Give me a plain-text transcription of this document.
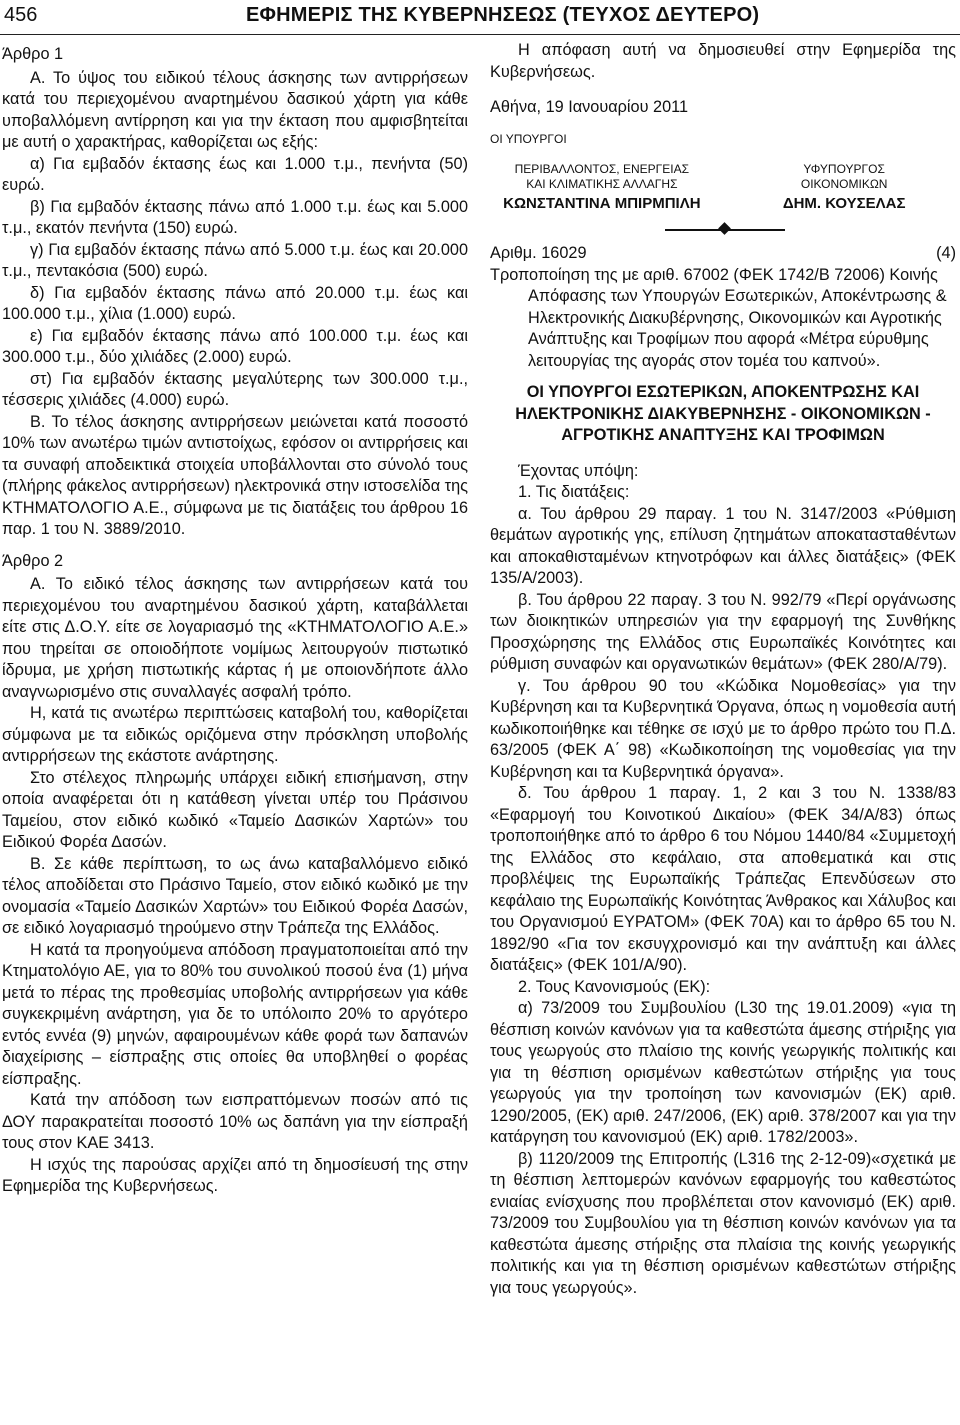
456	ΕΦΗΜΕΡΙΣ ΤΗΣ ΚΥΒΕΡΝΗΣΕΩΣ (ΤΕΥΧΟΣ ΔΕΥΤΕΡΟ)

Άρθρο 1

Α. Το ύψος του ειδικού τέλους άσκησης των αντιρρήσεων κατά του περιεχομένου αναρτημένου δασικού χάρτη για κάθε υποβαλλόμενη αντίρρηση και για την έκταση που αμφισβητείται με αυτή ο χαρακτήρας, καθορίζεται ως εξής:

α) Για εμβαδόν έκτασης έως και 1.000 τ.μ., πενήντα (50) ευρώ.

β) Για εμβαδόν έκτασης πάνω από 1.000 τ.μ. έως και 5.000 τ.μ., εκατόν πενήντα (150) ευρώ.

γ) Για εμβαδόν έκτασης πάνω από 5.000 τ.μ. έως και 20.000 τ.μ., πεντακόσια (500) ευρώ.

δ) Για εμβαδόν έκτασης πάνω από 20.000 τ.μ. έως και 100.000 τ.μ., χίλια (1.000) ευρώ.

ε) Για εμβαδόν έκτασης πάνω από 100.000 τ.μ. έως και 300.000 τ.μ., δύο χιλιάδες (2.000) ευρώ.

στ) Για εμβαδόν έκτασης μεγαλύτερης των 300.000 τ.μ., τέσσερις χιλιάδες (4.000) ευρώ.

Β. Το τέλος άσκησης αντιρρήσεων μειώνεται κατά ποσοστό 10% των ανωτέρω τιμών αντιστοίχως, εφόσον οι αντιρρήσεις και τα συναφή αποδεικτικά στοιχεία υποβάλλονται στο σύνολό τους (πλήρης φάκελος αντιρρήσεων) ηλεκτρονικά στην ιστοσελίδα της ΚΤΗΜΑΤΟΛΟΓΙΟ Α.Ε., σύμφωνα με τις διατάξεις του άρθρου 16 παρ. 1 του Ν. 3889/2010.

Άρθρο 2

Α. Το ειδικό τέλος άσκησης των αντιρρήσεων κατά του περιεχομένου του αναρτημένου δασικού χάρτη, καταβάλλεται είτε στις Δ.Ο.Υ. είτε σε λογαριασμό της «ΚΤΗΜΑΤΟΛΟΓΙΟ Α.Ε.» που τηρείται σε οποιοδήποτε νομίμως λειτουργούν πιστωτικό ίδρυμα, με χρήση πιστωτικής κάρτας ή με οποιονδήποτε άλλο αναγνωρισμένο στις συναλλαγές ασφαλή τρόπο.

Η, κατά τις ανωτέρω περιπτώσεις καταβολή του, καθορίζεται σύμφωνα με τα ειδικώς οριζόμενα στην πρόσκληση υποβολής αντιρρήσεων της εκάστοτε ανάρτησης.

Στο στέλεχος πληρωμής υπάρχει ειδική επισήμανση, στην οποία αναφέρεται ότι η κατάθεση γίνεται υπέρ του Πράσινου Ταμείου, στον ειδικό κωδικό «Ταμείο Δασικών Χαρτών» του Ειδικού Φορέα Δασών.

Β. Σε κάθε περίπτωση, το ως άνω καταβαλλόμενο ειδικό τέλος αποδίδεται στο Πράσινο Ταμείο, στον ειδικό κωδικό με την ονομασία «Ταμείο Δασικών Χαρτών» του Ειδικού Φορέα Δασών, σε ειδικό λογαριασμό τηρούμενο στην Τράπεζα της Ελλάδος.

Η κατά τα προηγούμενα απόδοση πραγματοποιείται από την Κτηματολόγιο ΑΕ, για το 80% του συνολικού ποσού ένα (1) μήνα μετά το πέρας της προθεσμίας υποβολής αντιρρήσεων για κάθε συγκεκριμένη ανάρτηση, για δε το υπόλοιπο 20% το αργότερο εντός εννέα (9) μηνών, αφαιρουμένων κάθε φορά των δαπανών διαχείρισης – είσπραξης στις οποίες θα υποβληθεί ο φορέας είσπραξης.

Κατά την απόδοση των εισπραττόμενων ποσών από τις ΔΟΥ παρακρατείται ποσοστό 10% ως δαπάνη για την είσπραξή τους στον ΚΑΕ 3413.

Η ισχύς της παρούσας αρχίζει από τη δημοσίευσή της στην Εφημερίδα της Κυβερνήσεως.

Η απόφαση αυτή να δημοσιευθεί στην Εφημερίδα της Κυβερνήσεως.

Αθήνα, 19 Ιανουαρίου 2011

ΟΙ ΥΠΟΥΡΓΟΙ

ΠΕΡΙΒΑΛΛΟΝΤΟΣ, ΕΝΕΡΓΕΙΑΣ
ΚΑΙ ΚΛΙΜΑΤΙΚΗΣ ΑΛΛΑΓΗΣ
ΚΩΝΣΤΑΝΤΙΝΑ ΜΠΙΡΜΠΙΛΗ
ΥΦΥΠΟΥΡΓΟΣ
ΟΙΚΟΝΟΜΙΚΩΝ
ΔΗΜ. ΚΟΥΣΕΛΑΣ
Αριθμ. 16029	(4)

Τροποποίηση της με αριθ. 67002 (ΦΕΚ 1742/Β 72006) Κοινής

Απόφασης των Υπουργών Εσωτερικών, Αποκέντρωσης & Ηλεκτρονικής Διακυβέρνησης, Οικονομικών και Αγροτικής Ανάπτυξης και Τροφίμων που αφορά «Μέτρα εύρυθμης λειτουργίας της αγοράς στον τομέα του καπνού».

ΟΙ ΥΠΟΥΡΓΟΙ ΕΣΩΤΕΡΙΚΩΝ, ΑΠΟΚΕΝΤΡΩΣΗΣ ΚΑΙ ΗΛΕΚΤΡΟΝΙΚΗΣ ΔΙΑΚΥΒΕΡΝΗΣΗΣ - ΟΙΚΟΝΟΜΙΚΩΝ - ΑΓΡΟΤΙΚΗΣ ΑΝΑΠΤΥΞΗΣ ΚΑΙ ΤΡΟΦΙΜΩΝ

Έχοντας υπόψη:

1. Τις διατάξεις:

α. Του άρθρου 29 παραγ. 1 του Ν. 3147/2003 «Ρύθμιση θεμάτων αγροτικής γης, επίλυση ζητημάτων αποκατασταθέντων και αποκαθισταμένων κτηνοτρόφων και άλλες διατάξεις» (ΦΕΚ 135/Α/2003).

β. Του άρθρου 22 παραγ. 3 του Ν. 992/79 «Περί οργάνωσης των διοικητικών υπηρεσιών για την εφαρμογή της Συνθήκης Προσχώρησης της Ελλάδος στις Ευρωπαϊκές Κοινότητες και ρύθμιση συναφών και οργανωτικών θεμάτων» (ΦΕΚ 280/Α/79).

γ. Του άρθρου 90 του «Κώδικα Νομοθεσίας» για την Κυβέρνηση και τα Κυβερνητικά Όργανα, όπως η νομοθεσία αυτή κωδικοποιήθηκε και τέθηκε σε ισχύ με το άρθρο πρώτο του Π.Δ. 63/2005 (ΦΕΚ Α΄ 98) «Κωδικοποίηση της νομοθεσίας για την Κυβέρνηση και τα Κυβερνητικά όργανα».

δ. Του άρθρου 1 παραγ. 1, 2 και 3 του Ν. 1338/83 «Εφαρμογή του Κοινοτικού Δικαίου» (ΦΕΚ 34/Α/83) όπως τροποποιήθηκε από το άρθρο 6 του Νόμου 1440/84 «Συμμετοχή της Ελλάδος στο κεφάλαιο, στα αποθεματικά και στις προβλέψεις της Ευρωπαϊκής Τράπεζας Επενδύσεων στο κεφάλαιο της Ευρωπαϊκής Κοινότητας Άνθρακος και Χάλυβος και του Οργανισμού ΕΥΡΑΤΟΜ» (ΦΕΚ 70Α) και το άρθρο 65 του Ν. 1892/90 «Για τον εκσυγχρονισμό και την ανάπτυξη και άλλες διατάξεις» (ΦΕΚ 101/Α/90).

2. Τους Κανονισμούς (ΕΚ):

α) 73/2009 του Συμβουλίου (L30 της 19.01.2009) «για τη θέσπιση κοινών κανόνων για τα καθεστώτα άμεσης στήριξης για τους γεωργούς στο πλαίσιο της κοινής γεωργικής πολιτικής και για τη θέσπιση ορισμένων καθεστώτων στήριξης για τους γεωργούς για την τροποίηση των κανονισμών (ΕΚ) αριθ. 1290/2005, (ΕΚ) αριθ. 247/2006, (ΕΚ) αριθ. 378/2007 και για την κατάργηση του κανονισμού (ΕΚ) αριθ. 1782/2003».

β) 1120/2009 της Επιτροπής (L316 της 2-12-09)«σχετικά με τη θέσπιση λεπτομερών κανόνων εφαρμογής του καθεστώτος ενιαίας ενίσχυσης που προβλέπεται στον κανονισμό (ΕΚ) αριθ. 73/2009 του Συμβουλίου για τη θέσπιση κοινών κανόνων για τα καθεστώτα άμεσης στήριξης στα πλαίσια της κοινής γεωργικής πολιτικής και για τη θέσπιση ορισμένων καθεστώτων στήριξης για τους γεωργούς».
